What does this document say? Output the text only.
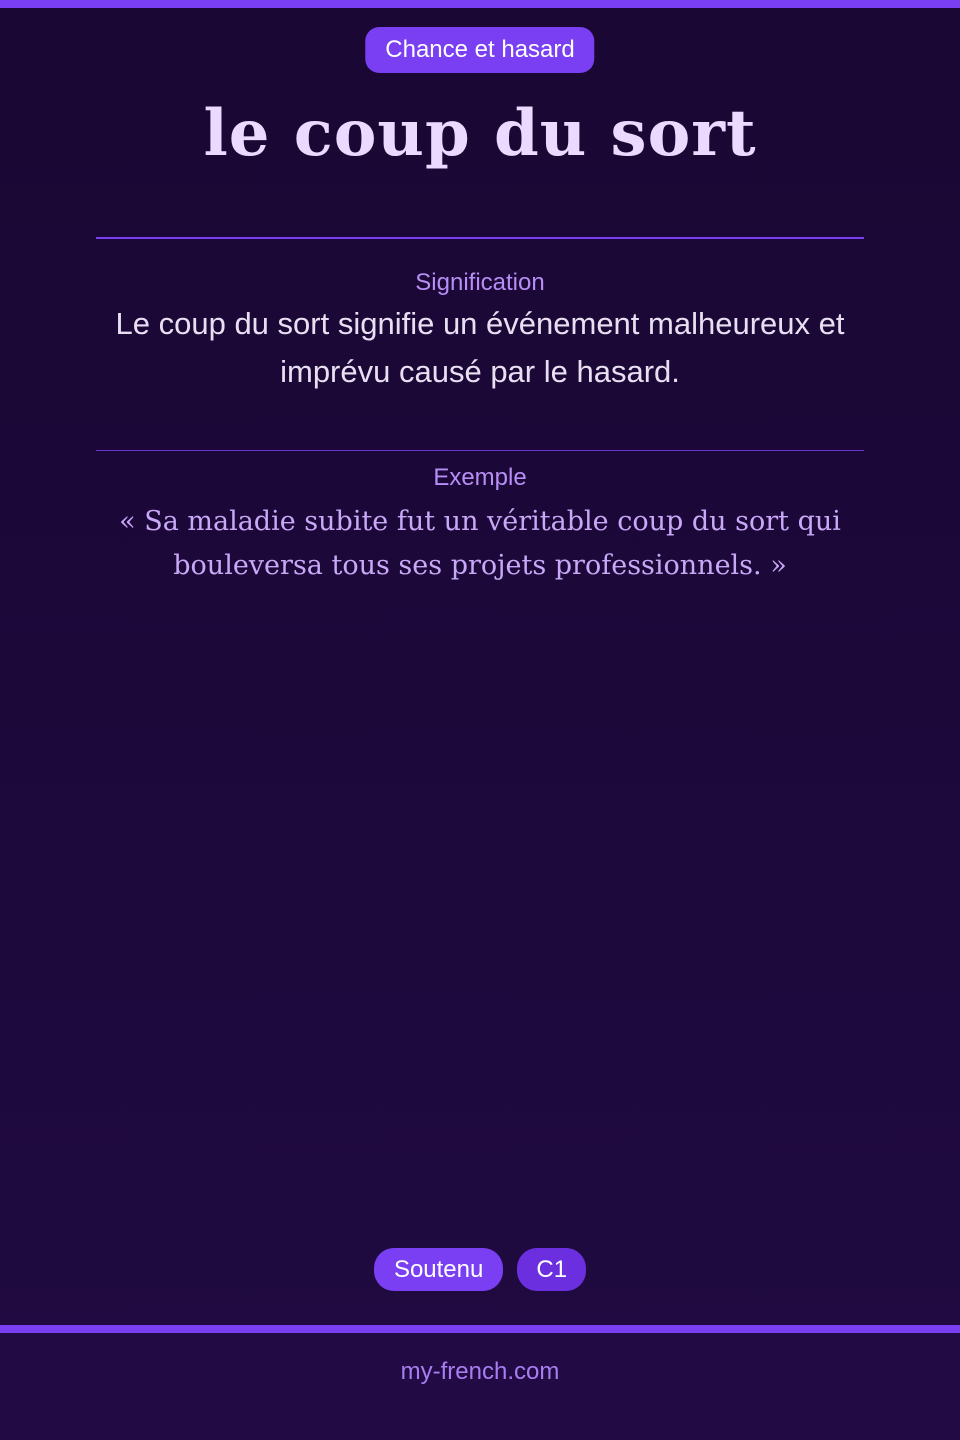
Chance et hasard
le coup du sort
Signification

Le coup du sort signifie un événement malheureux et imprévu causé par le hasard.

Exemple

« Sa maladie subite fut un véritable coup du sort qui bouleversa tous ses projets professionnels. »

Soutenu	C1
my-french.com
